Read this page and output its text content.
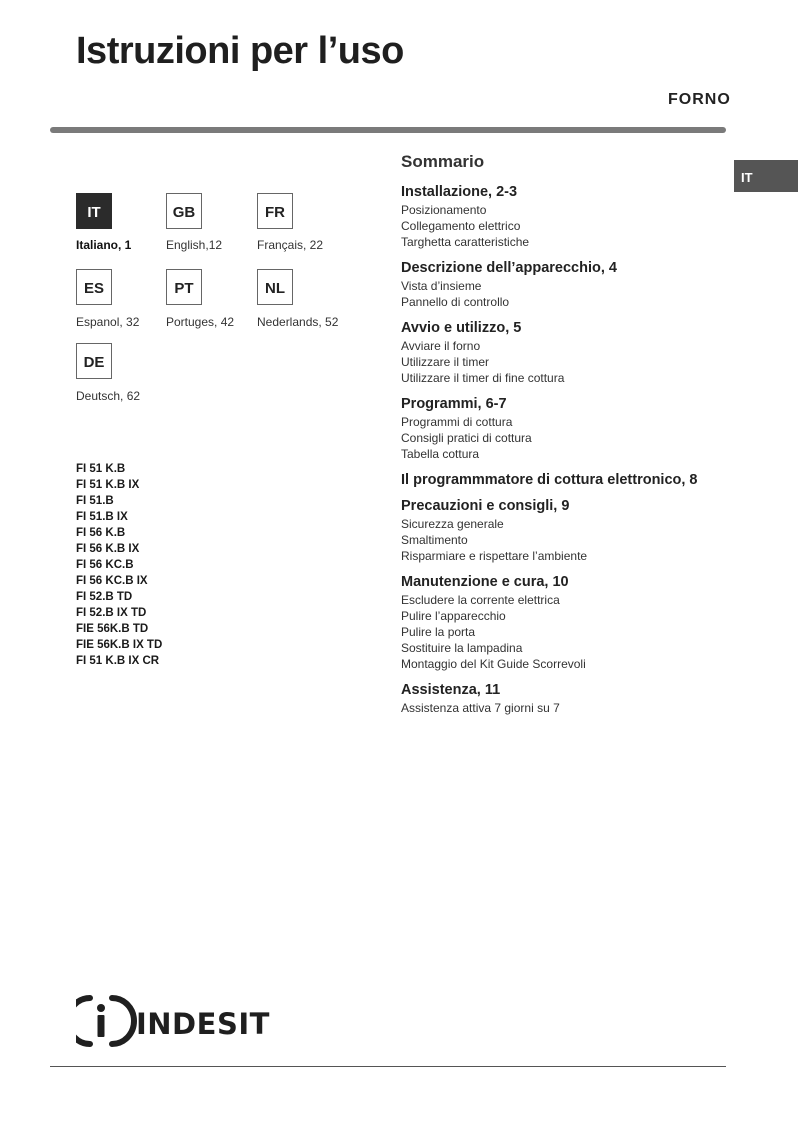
Istruzioni per l’uso
FORNO
IT
IT	GB	FR
Italiano, 1	English,12	Français, 22
ES	PT	NL
Espanol, 32 Portuges, 42 Nederlands, 52
DE
Deutsch, 62
FI 51 K.B
FI 51 K.B IX
FI 51.B
FI 51.B IX
FI 56 K.B
FI 56 K.B IX
FI 56 KC.B
FI 56 KC.B IX
FI 52.B TD
FI 52.B IX TD
FIE 56K.B TD
FIE 56K.B IX TD
FI 51 K.B IX CR
Sommario
Installazione, 2-3
Posizionamento
Collegamento elettrico
Targhetta caratteristiche
Descrizione dell’apparecchio, 4
Vista d’insieme
Pannello di controllo
Avvio e utilizzo, 5
Avviare il forno
Utilizzare il timer
Utilizzare il timer di fine cottura
Programmi, 6-7
Programmi di cottura
Consigli pratici di cottura
Tabella cottura
Il programmmatore di cottura elettronico, 8
Precauzioni e consigli, 9
Sicurezza generale
Smaltimento
Risparmiare e rispettare l’ambiente
Manutenzione e cura, 10
Escludere la corrente elettrica
Pulire l’apparecchio
Pulire la porta
Sostituire la lampadina
Montaggio del Kit Guide Scorrevoli
Assistenza, 11
Assistenza attiva 7 giorni su 7
INDESIT
